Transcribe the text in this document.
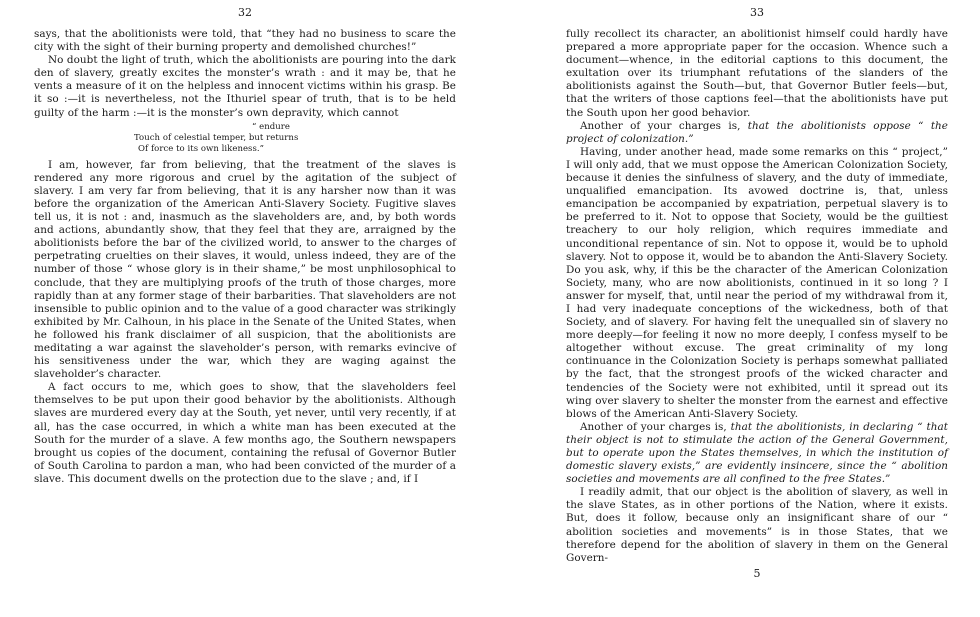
32

says, that the abolitionists were told, that “they had no business to scare the city with the sight of their burning property and demolished churches!”

No doubt the light of truth, which the abolitionists are pouring into the dark den of slavery, greatly excites the monster’s wrath : and it may be, that he vents a measure of it on the helpless and innocent victims within his grasp. Be it so :—it is nevertheless, not the Ithuriel spear of truth, that is to be held guilty of the harm :—it is the monster’s own depravity, which cannot

“ endure
Touch of celestial temper, but returns
Of force to its own likeness.”

I am, however, far from believing, that the treatment of the slaves is rendered any more rigorous and cruel by the agitation of the subject of slavery. I am very far from believing, that it is any harsher now than it was before the organization of the American Anti-Slavery Society. Fugitive slaves tell us, it is not : and, inasmuch as the slaveholders are, and, by both words and actions, abundantly show, that they feel that they are, arraigned by the abolitionists before the bar of the civilized world, to answer to the charges of perpetrating cruelties on their slaves, it would, unless indeed, they are of the number of those “ whose glory is in their shame,” be most unphilosophical to conclude, that they are multiplying proofs of the truth of those charges, more rapidly than at any former stage of their barbarities. That slaveholders are not insensible to public opinion and to the value of a good character was strikingly exhibited by Mr. Calhoun, in his place in the Senate of the United States, when he followed his frank disclaimer of all suspicion, that the abolitionists are meditating a war against the slaveholder’s person, with remarks evincive of his sensitiveness under the war, which they are waging against the slaveholder’s character.

A fact occurs to me, which goes to show, that the slaveholders feel themselves to be put upon their good behavior by the abolitionists. Although slaves are murdered every day at the South, yet never, until very recently, if at all, has the case occurred, in which a white man has been executed at the South for the murder of a slave. A few months ago, the Southern newspapers brought us copies of the document, containing the refusal of Governor Butler of South Carolina to pardon a man, who had been convicted of the murder of a slave. This document dwells on the protection due to the slave ; and, if I

33

fully recollect its character, an abolitionist himself could hardly have prepared a more appropriate paper for the occasion. Whence such a document—whence, in the editorial captions to this document, the exultation over its triumphant refutations of the slanders of the abolitionists against the South—but, that Governor Butler feels—but, that the writers of those captions feel—that the abolitionists have put the South upon her good behavior.

Another of your charges is, that the abolitionists oppose “ the project of colonization.”

Having, under another head, made some remarks on this “ project,” I will only add, that we must oppose the American Colonization Society, because it denies the sinfulness of slavery, and the duty of immediate, unqualified emancipation. Its avowed doctrine is, that, unless emancipation be accompanied by expatriation, perpetual slavery is to be preferred to it. Not to oppose that Society, would be the guiltiest treachery to our holy religion, which requires immediate and unconditional repentance of sin. Not to oppose it, would be to uphold slavery. Not to oppose it, would be to abandon the Anti-Slavery Society. Do you ask, why, if this be the character of the American Colonization Society, many, who are now abolitionists, continued in it so long ? I answer for myself, that, until near the period of my withdrawal from it, I had very inadequate conceptions of the wickedness, both of that Society, and of slavery. For having felt the unequalled sin of slavery no more deeply—for feeling it now no more deeply, I confess myself to be altogether without excuse. The great criminality of my long continuance in the Colonization Society is perhaps somewhat palliated by the fact, that the strongest proofs of the wicked character and tendencies of the Society were not exhibited, until it spread out its wing over slavery to shelter the monster from the earnest and effective blows of the American Anti-Slavery Society.

Another of your charges is, that the abolitionists, in declaring “ that their object is not to stimulate the action of the General Government, but to operate upon the States themselves, in which the institution of domestic slavery exists,” are evidently insincere, since the “ abolition societies and movements are all confined to the free States.”

I readily admit, that our object is the abolition of slavery, as well in the slave States, as in other portions of the Nation, where it exists. But, does it follow, because only an insignificant share of our “ abolition societies and movements” is in those States, that we therefore depend for the abolition of slavery in them on the General Govern-

5
